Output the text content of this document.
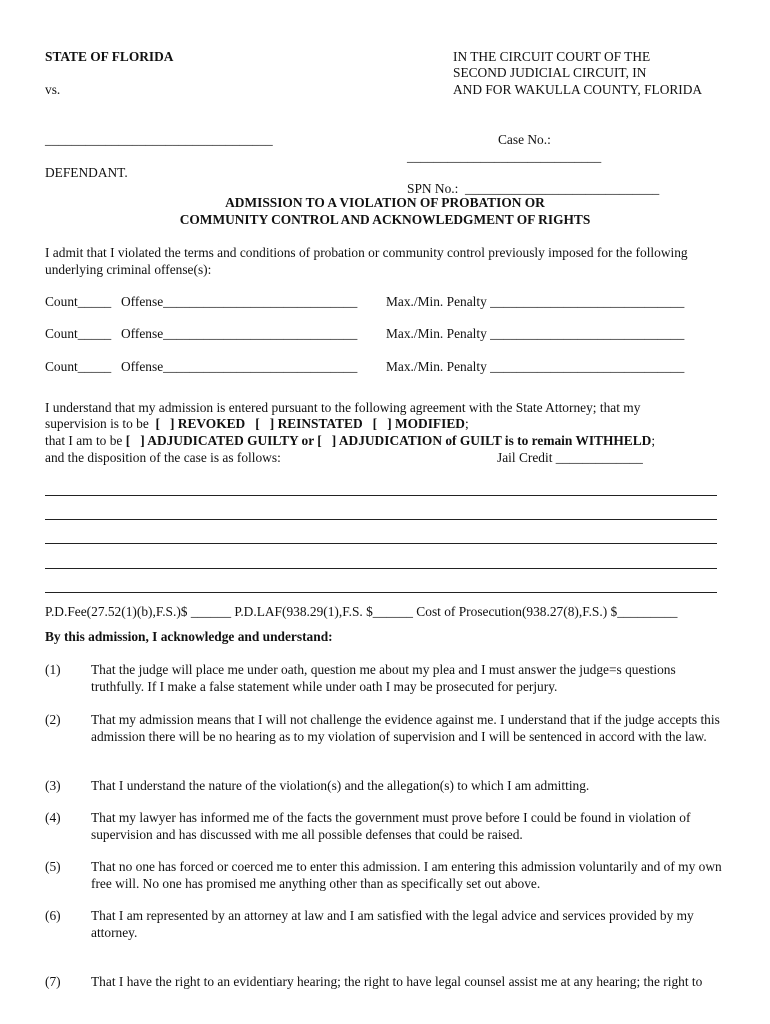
STATE OF FLORIDA
vs.
IN THE CIRCUIT COURT OF THE
SECOND JUDICIAL CIRCUIT, IN
AND FOR WAKULLA COUNTY, FLORIDA
__________________________________	Case No.:
_____________________________
DEFENDANT.
SPN No.:  _____________________________
ADMISSION TO A VIOLATION OF PROBATION OR
COMMUNITY CONTROL AND ACKNOWLEDGMENT OF RIGHTS
I admit that I violated the terms and conditions of probation or community control previously imposed for the following underlying criminal offense(s):
Count_____ Offense_____________________________ Max./Min. Penalty _____________________________
Count_____ Offense_____________________________ Max./Min. Penalty _____________________________
Count_____ Offense_____________________________ Max./Min. Penalty _____________________________
I understand that my admission is entered pursuant to the following agreement with the State Attorney; that my
supervision is to be  [   ] REVOKED   [   ] REINSTATED   [   ] MODIFIED;
that I am to be [   ] ADJUDICATED GUILTY or [   ] ADJUDICATION of GUILT is to remain WITHHELD;
and the disposition of the case is as follows:	Jail Credit _____________
P.D.Fee(27.52(1)(b),F.S.)$ ______ P.D.LAF(938.29(1),F.S. $______ Cost of Prosecution(938.27(8),F.S.) $_________
By this admission, I acknowledge and understand:
(1) That the judge will place me under oath, question me about my plea and I must answer the judge=s questions truthfully. If I make a false statement while under oath I may be prosecuted for perjury.
(2) That my admission means that I will not challenge the evidence against me. I understand that if the judge accepts this admission there will be no hearing as to my violation of supervision and I will be sentenced in accord with the law.
(3) That I understand the nature of the violation(s) and the allegation(s) to which I am admitting.
(4) That my lawyer has informed me of the facts the government must prove before I could be found in violation of supervision and has discussed with me all possible defenses that could be raised.
(5) That no one has forced or coerced me to enter this admission. I am entering this admission voluntarily and of my own free will. No one has promised me anything other than as specifically set out above.
(6) That I am represented by an attorney at law and I am satisfied with the legal advice and services provided by my attorney.
(7) That I have the right to an evidentiary hearing; the right to have legal counsel assist me at any hearing; the right to
